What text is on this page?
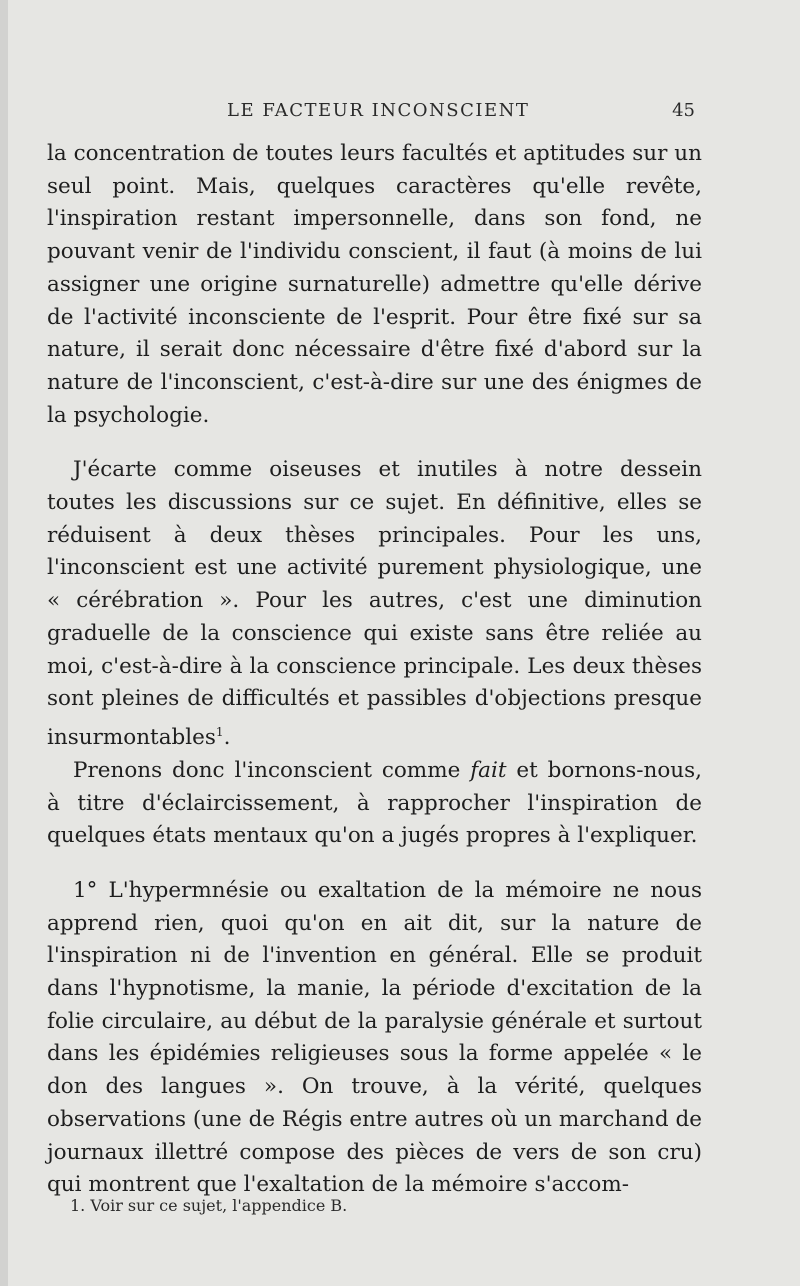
LE FACTEUR INCONSCIENT	45

la concentration de toutes leurs facultés et aptitudes sur un seul point. Mais, quelques caractères qu'elle revête, l'inspiration restant impersonnelle, dans son fond, ne pouvant venir de l'individu conscient, il faut (à moins de lui assigner une origine surnaturelle) admettre qu'elle dérive de l'activité inconsciente de l'esprit. Pour être fixé sur sa nature, il serait donc nécessaire d'être fixé d'abord sur la nature de l'inconscient, c'est-à-dire sur une des énigmes de la psychologie.

J'écarte comme oiseuses et inutiles à notre dessein toutes les discussions sur ce sujet. En définitive, elles se réduisent à deux thèses principales. Pour les uns, l'inconscient est une activité purement physiologique, une « cérébration ». Pour les autres, c'est une diminution graduelle de la conscience qui existe sans être reliée au moi, c'est-à-dire à la conscience principale. Les deux thèses sont pleines de difficultés et passibles d'objections presque insurmontables$^1$.

Prenons donc l'inconscient comme fait et bornons-nous, à titre d'éclaircissement, à rapprocher l'inspiration de quelques états mentaux qu'on a jugés propres à l'expliquer.

1° L'hypermnésie ou exaltation de la mémoire ne nous apprend rien, quoi qu'on en ait dit, sur la nature de l'inspiration ni de l'invention en général. Elle se produit dans l'hypnotisme, la manie, la période d'excitation de la folie circulaire, au début de la paralysie générale et surtout dans les épidémies religieuses sous la forme appelée « le don des langues ». On trouve, à la vérité, quelques observations (une de Régis entre autres où un marchand de journaux illettré compose des pièces de vers de son cru) qui montrent que l'exaltation de la mémoire s'accom-

1. Voir sur ce sujet, l'appendice B.
